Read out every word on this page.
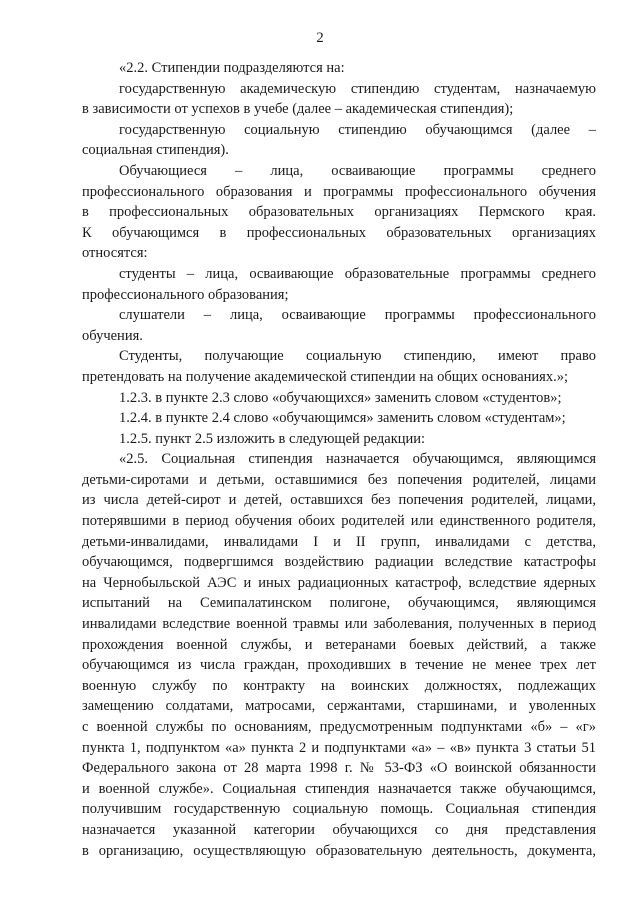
2
«2.2. Стипендии подразделяются на:
государственную академическую стипендию студентам, назначаемую
в зависимости от успехов в учебе (далее – академическая стипендия);
государственную социальную стипендию обучающимся (далее –
социальная стипендия).
Обучающиеся – лица, осваивающие программы среднего
профессионального образования и программы профессионального обучения
в профессиональных образовательных организациях Пермского края.
К обучающимся в профессиональных образовательных организациях
относятся:
студенты – лица, осваивающие образовательные программы среднего
профессионального образования;
слушатели – лица, осваивающие программы профессионального
обучения.
Студенты, получающие социальную стипендию, имеют право
претендовать на получение академической стипендии на общих основаниях.»;
1.2.3. в пункте 2.3 слово «обучающихся» заменить словом «студентов»;
1.2.4. в пункте 2.4 слово «обучающимся» заменить словом «студентам»;
1.2.5. пункт 2.5 изложить в следующей редакции:
«2.5. Социальная стипендия назначается обучающимся, являющимся
детьми-сиротами и детьми, оставшимися без попечения родителей, лицами
из числа детей-сирот и детей, оставшихся без попечения родителей, лицами,
потерявшими в период обучения обоих родителей или единственного родителя,
детьми-инвалидами, инвалидами I и II групп, инвалидами с детства,
обучающимся, подвергшимся воздействию радиации вследствие катастрофы
на Чернобыльской АЭС и иных радиационных катастроф, вследствие ядерных
испытаний на Семипалатинском полигоне, обучающимся, являющимся
инвалидами вследствие военной травмы или заболевания, полученных в период
прохождения военной службы, и ветеранами боевых действий, а также
обучающимся из числа граждан, проходивших в течение не менее трех лет
военную службу по контракту на воинских должностях, подлежащих
замещению солдатами, матросами, сержантами, старшинами, и уволенных
с военной службы по основаниям, предусмотренным подпунктами «б» – «г»
пункта 1, подпунктом «а» пункта 2 и подпунктами «а» – «в» пункта 3 статьи 51
Федерального закона от 28 марта 1998 г. № 53-ФЗ «О воинской обязанности
и военной службе». Социальная стипендия назначается также обучающимся,
получившим государственную социальную помощь. Социальная стипендия
назначается указанной категории обучающихся со дня представления
в организацию, осуществляющую образовательную деятельность, документа,
